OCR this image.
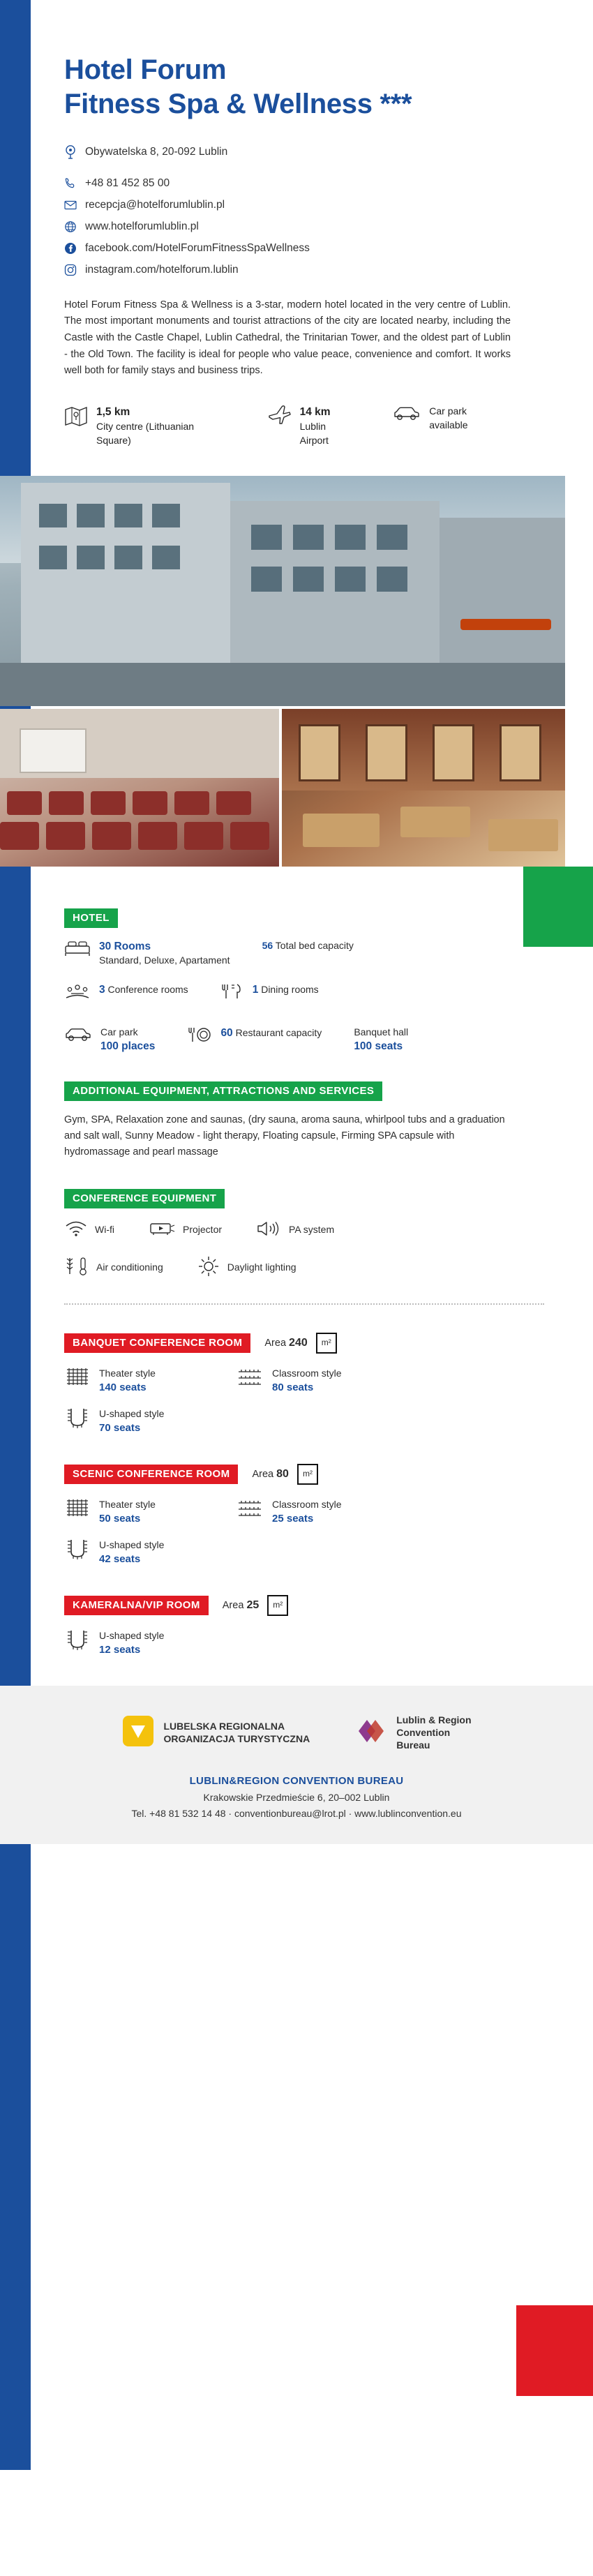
Hotel Forum
Fitness Spa & Wellness ***
Obywatelska 8, 20-092 Lublin
+48 81 452 85 00
recepcja@hotelforumlublin.pl
www.hotelforumlublin.pl
facebook.com/HotelForumFitnessSpaWellness
instagram.com/hotelforum.lublin
Hotel Forum Fitness Spa & Wellness is a 3-star, modern hotel located in the very centre of Lublin. The most important monuments and tourist attractions of the city are located nearby, including the Castle with the Castle Chapel, Lublin Cathedral, the Trinitarian Tower, and the oldest part of Lublin - the Old Town. The facility is ideal for people who value peace, convenience and comfort. It works well both for family stays and business trips.
1,5 km
City centre (Lithuanian Square)
14 km
Lublin Airport
Car park available
HOTEL
30 Rooms
Standard, Deluxe, Apartament
56 Total bed capacity
3 Conference rooms	1 Dining rooms
Car park
100 places
60 Restaurant capacity	Banquet hall
100 seats
ADDITIONAL EQUIPMENT, ATTRACTIONS AND SERVICES
Gym, SPA, Relaxation zone and saunas, (dry sauna, aroma sauna, whirlpool tubs and a graduation and salt wall, Sunny Meadow - light therapy, Floating capsule, Firming SPA capsule with hydromassage and pearl massage
CONFERENCE EQUIPMENT
Wi-fi	Projector	PA system
Air conditioning	Daylight lighting
BANQUET CONFERENCE ROOM	Area 240	m²
Theater style
140 seats
Classroom style
80 seats
U-shaped style
70 seats
SCENIC CONFERENCE ROOM	Area 80	m²
Theater style
50 seats
Classroom style
25 seats
U-shaped style
42 seats
KAMERALNA/VIP ROOM	Area 25	m²
U-shaped style
12 seats
LUBELSKA REGIONALNA
ORGANIZACJA TURYSTYCZNA
Lublin & Region
Convention
Bureau
LUBLIN&REGION CONVENTION BUREAU
Krakowskie Przedmieście 6, 20–002 Lublin
Tel. +48 81 532 14 48 · conventionbureau@lrot.pl · www.lublinconvention.eu
